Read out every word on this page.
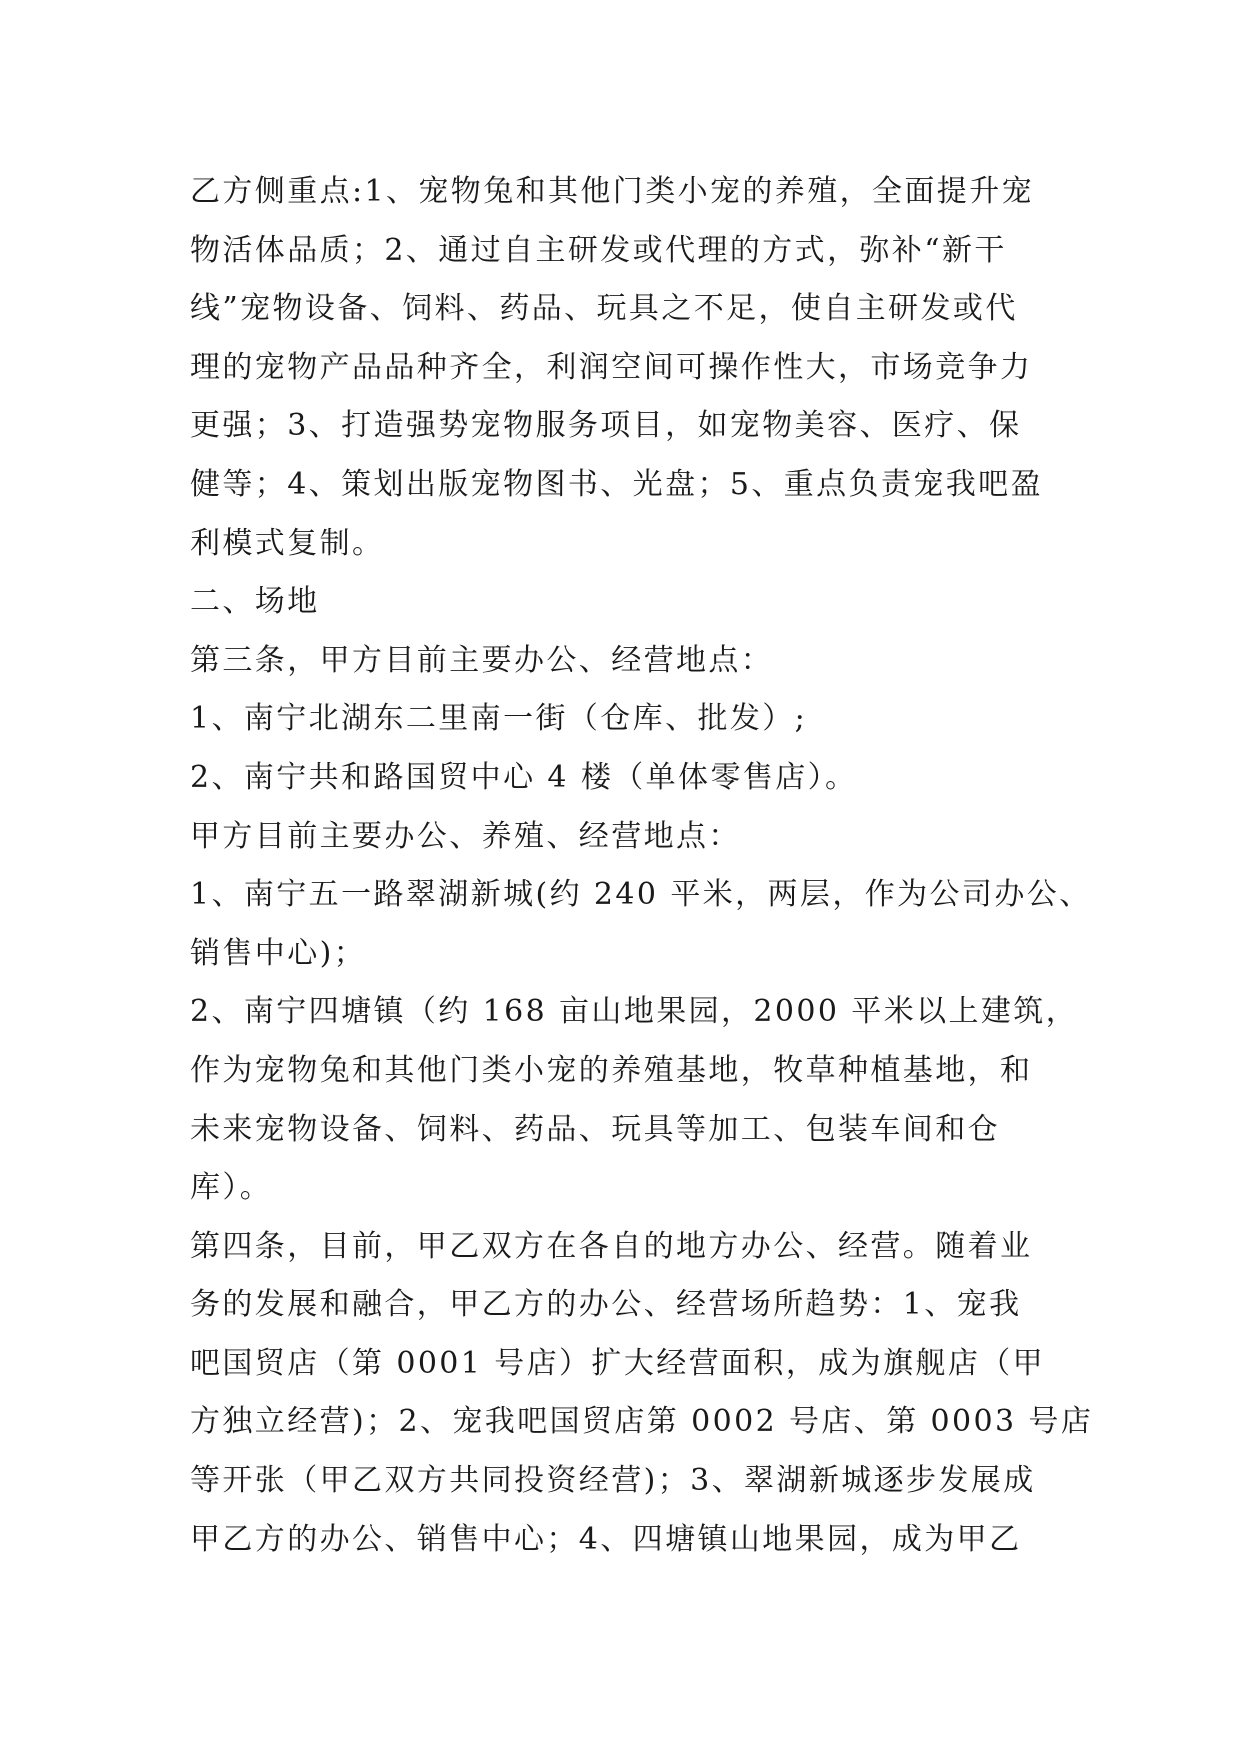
乙方侧重点:1、宠物兔和其他门类小宠的养殖，全面提升宠
物活体品质；2、通过自主研发或代理的方式，弥补“新干
线”宠物设备、饲料、药品、玩具之不足，使自主研发或代
理的宠物产品品种齐全，利润空间可操作性大，市场竞争力
更强；3、打造强势宠物服务项目，如宠物美容、医疗、保
健等；4、策划出版宠物图书、光盘；5、重点负责宠我吧盈
利模式复制。
二、场地
第三条，甲方目前主要办公、经营地点：
1、南宁北湖东二里南一街（仓库、批发）;
2、南宁共和路国贸中心 4 楼（单体零售店）。
甲方目前主要办公、养殖、经营地点：
1、南宁五一路翠湖新城(约 240 平米，两层，作为公司办公、
销售中心)；
2、南宁四塘镇（约 168 亩山地果园，2000 平米以上建筑，
作为宠物兔和其他门类小宠的养殖基地，牧草种植基地，和
未来宠物设备、饲料、药品、玩具等加工、包装车间和仓
库）。
第四条，目前，甲乙双方在各自的地方办公、经营。随着业
务的发展和融合，甲乙方的办公、经营场所趋势：1、宠我
吧国贸店（第 0001 号店）扩大经营面积，成为旗舰店（甲
方独立经营)；2、宠我吧国贸店第 0002 号店、第 0003 号店
等开张（甲乙双方共同投资经营)；3、翠湖新城逐步发展成
甲乙方的办公、销售中心；4、四塘镇山地果园，成为甲乙
